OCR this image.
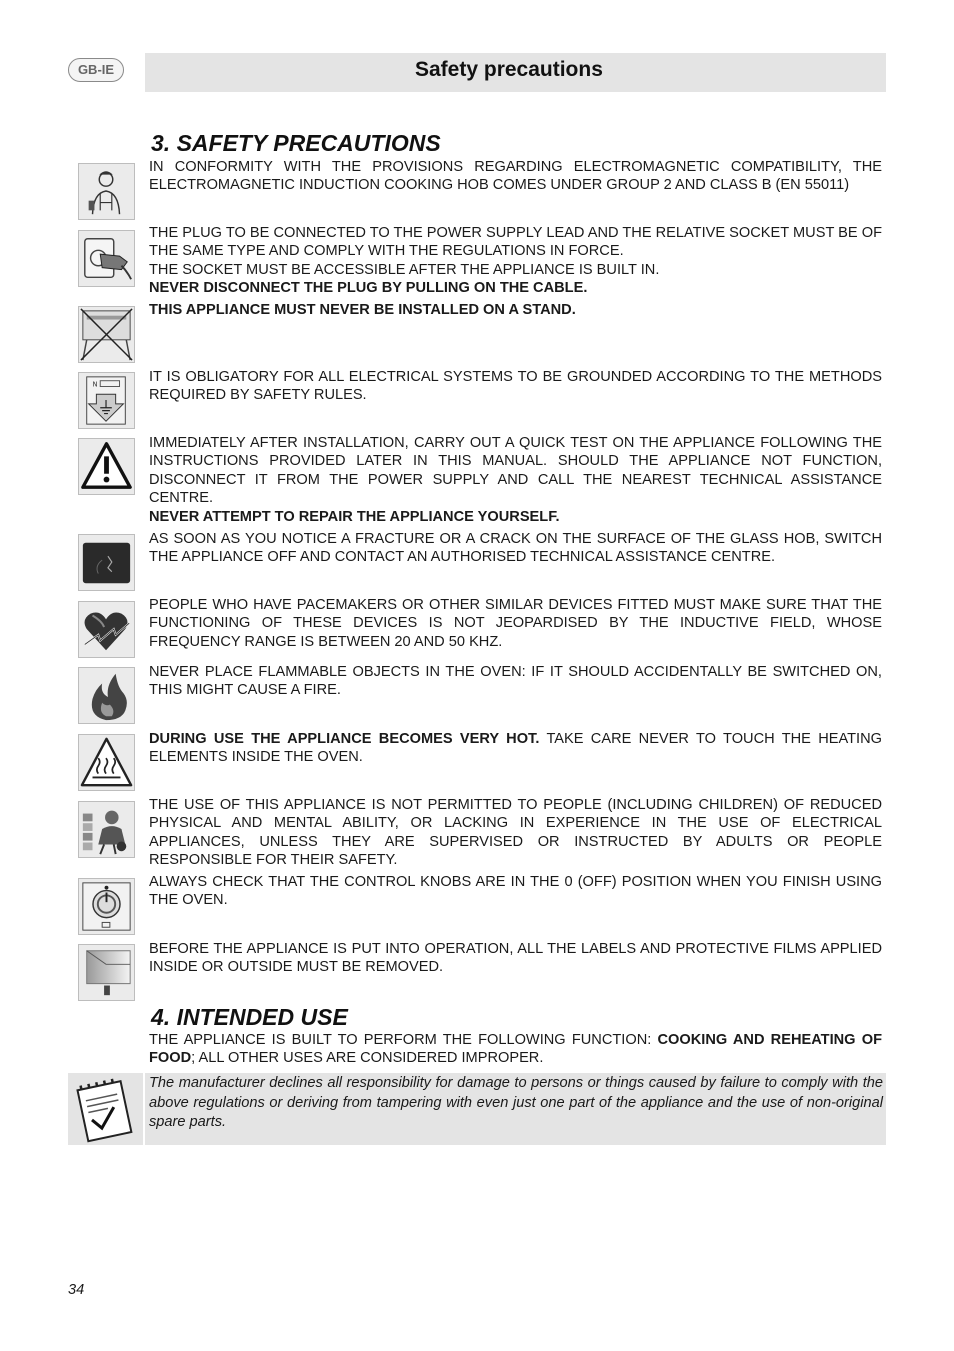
GB-IE	Safety precautions
3. SAFETY PRECAUTIONS

IN CONFORMITY WITH THE PROVISIONS REGARDING ELECTROMAGNETIC COMPATIBILITY, THE ELECTROMAGNETIC INDUCTION COOKING HOB COMES UNDER GROUP 2 AND CLASS B (EN 55011)

THE PLUG TO BE CONNECTED TO THE POWER SUPPLY LEAD AND THE RELATIVE SOCKET MUST BE OF THE SAME TYPE AND COMPLY WITH THE REGULATIONS IN FORCE.

THE SOCKET MUST BE ACCESSIBLE AFTER THE APPLIANCE IS BUILT IN.

NEVER DISCONNECT THE PLUG BY PULLING ON THE CABLE.

THIS APPLIANCE MUST NEVER BE INSTALLED ON A STAND.

N	IT IS OBLIGATORY FOR ALL ELECTRICAL SYSTEMS TO BE GROUNDED ACCORDING TO THE METHODS REQUIRED BY SAFETY RULES.

IMMEDIATELY AFTER INSTALLATION, CARRY OUT A QUICK TEST ON THE APPLIANCE FOLLOWING THE INSTRUCTIONS PROVIDED LATER IN THIS MANUAL. SHOULD THE APPLIANCE NOT FUNCTION, DISCONNECT IT FROM THE POWER SUPPLY AND CALL THE NEAREST TECHNICAL ASSISTANCE CENTRE.

NEVER ATTEMPT TO REPAIR THE APPLIANCE YOURSELF.

AS SOON AS YOU NOTICE A FRACTURE OR A CRACK ON THE SURFACE OF THE GLASS HOB, SWITCH THE APPLIANCE OFF AND CONTACT AN AUTHORISED TECHNICAL ASSISTANCE CENTRE.

PEOPLE WHO HAVE PACEMAKERS OR OTHER SIMILAR DEVICES FITTED MUST MAKE SURE THAT THE FUNCTIONING OF THESE DEVICES IS NOT JEOPARDISED BY THE INDUCTIVE FIELD, WHOSE FREQUENCY RANGE IS BETWEEN 20 AND 50 KHZ.

NEVER PLACE FLAMMABLE OBJECTS IN THE OVEN: IF IT SHOULD ACCIDENTALLY BE SWITCHED ON, THIS MIGHT CAUSE A FIRE.

DURING USE THE APPLIANCE BECOMES VERY HOT. TAKE CARE NEVER TO TOUCH THE HEATING ELEMENTS INSIDE THE OVEN.

THE USE OF THIS APPLIANCE IS NOT PERMITTED TO PEOPLE (INCLUDING CHILDREN) OF REDUCED PHYSICAL AND MENTAL ABILITY, OR LACKING IN EXPERIENCE IN THE USE OF ELECTRICAL APPLIANCES, UNLESS THEY ARE SUPERVISED OR INSTRUCTED BY ADULTS OR PEOPLE RESPONSIBLE FOR THEIR SAFETY.

ALWAYS CHECK THAT THE CONTROL KNOBS ARE IN THE 0 (OFF) POSITION WHEN YOU FINISH USING THE OVEN.

BEFORE THE APPLIANCE IS PUT INTO OPERATION, ALL THE LABELS AND PROTECTIVE FILMS APPLIED INSIDE OR OUTSIDE MUST BE REMOVED.

4. INTENDED USE

THE APPLIANCE IS BUILT TO PERFORM THE FOLLOWING FUNCTION: COOKING AND REHEATING OF FOOD; ALL OTHER USES ARE CONSIDERED IMPROPER.

The manufacturer declines all responsibility for damage to persons or things caused by failure to comply with the above regulations or deriving from tampering with even just one part of the appliance and the use of non-original spare parts.
34
